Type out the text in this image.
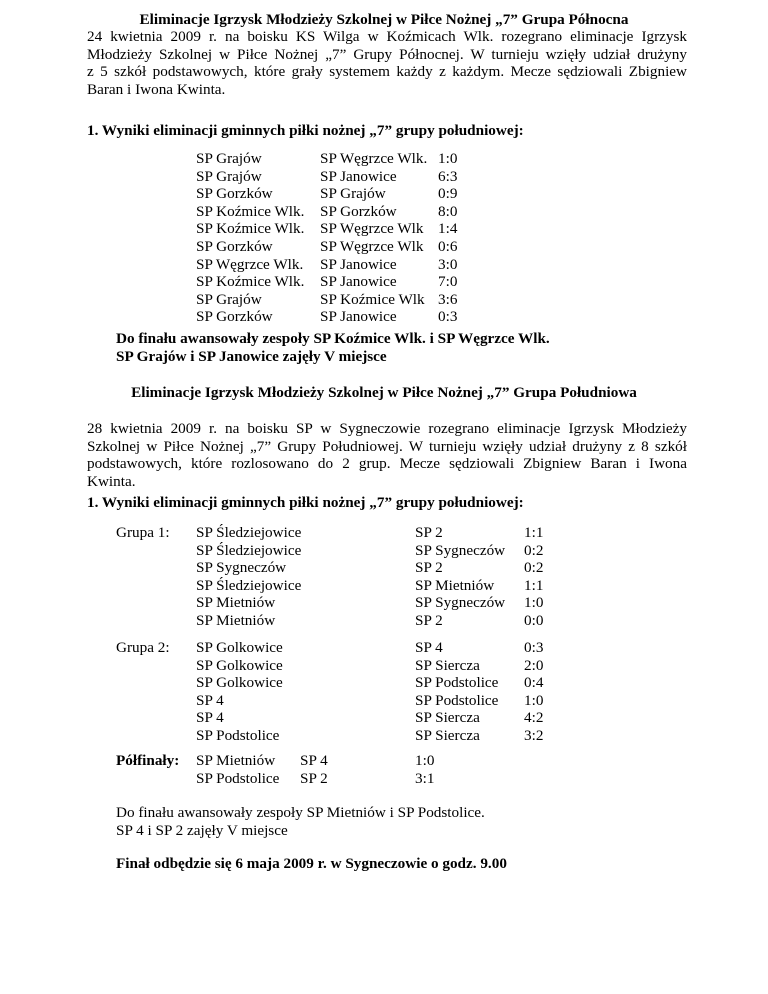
Eliminacje Igrzysk Młodzieży Szkolnej w Piłce Nożnej „7” Grupa Północna
24 kwietnia 2009 r. na boisku KS Wilga w Koźmicach Wlk. rozegrano eliminacje Igrzysk
Młodzieży Szkolnej w Piłce Nożnej „7” Grupy Północnej. W turnieju wzięły udział drużyny
z 5 szkół podstawowych, które grały systemem każdy z każdym. Mecze sędziowali Zbigniew
Baran i Iwona Kwinta.
1. Wyniki eliminacji gminnych piłki nożnej „7” grupy południowej:
SP Grajów
SP Grajów
SP Gorzków
SP Koźmice Wlk.
SP Koźmice Wlk.
SP Gorzków
SP Węgrzce Wlk.
SP Koźmice Wlk.
SP Grajów
SP Gorzków
SP Węgrzce Wlk.
SP Janowice
SP Grajów
SP Gorzków
SP Węgrzce Wlk
SP Węgrzce Wlk
SP Janowice
SP Janowice
SP Koźmice Wlk
SP Janowice
1:0
6:3
0:9
8:0
1:4
0:6
3:0
7:0
3:6
0:3
Do finału awansowały zespoły SP Koźmice Wlk. i SP Węgrzce Wlk.
SP Grajów i SP Janowice zajęły V miejsce
Eliminacje Igrzysk Młodzieży Szkolnej w Piłce Nożnej „7” Grupa Południowa
28 kwietnia 2009 r. na boisku SP w Sygneczowie rozegrano eliminacje Igrzysk Młodzieży
Szkolnej w Piłce Nożnej „7” Grupy Południowej. W turnieju wzięły udział drużyny z 8 szkół
podstawowych, które rozlosowano do 2 grup. Mecze sędziowali Zbigniew Baran i Iwona
Kwinta.
1. Wyniki eliminacji gminnych piłki nożnej „7” grupy południowej:
Grupa 1: SP Śledziejowice
SP Śledziejowice
SP Sygneczów
SP Śledziejowice
SP Mietniów
SP Mietniów
SP 2
SP Sygneczów
SP 2
SP Mietniów
SP Sygneczów
SP 2
1:1
0:2
0:2
1:1
1:0
0:0
Grupa 2: SP Golkowice
SP Golkowice
SP Golkowice
SP 4
SP 4
SP Podstolice
SP 4
SP Siercza
SP Podstolice
SP Podstolice
SP Siercza
SP Siercza
0:3
2:0
0:4
1:0
4:2
3:2
Półfinały: SP Mietniów
SP Podstolice
SP 4
SP 2
1:0
3:1
Do finału awansowały zespoły SP Mietniów i SP Podstolice.
SP 4 i SP 2 zajęły V miejsce
Finał odbędzie się 6 maja 2009 r. w Sygneczowie o godz. 9.00
